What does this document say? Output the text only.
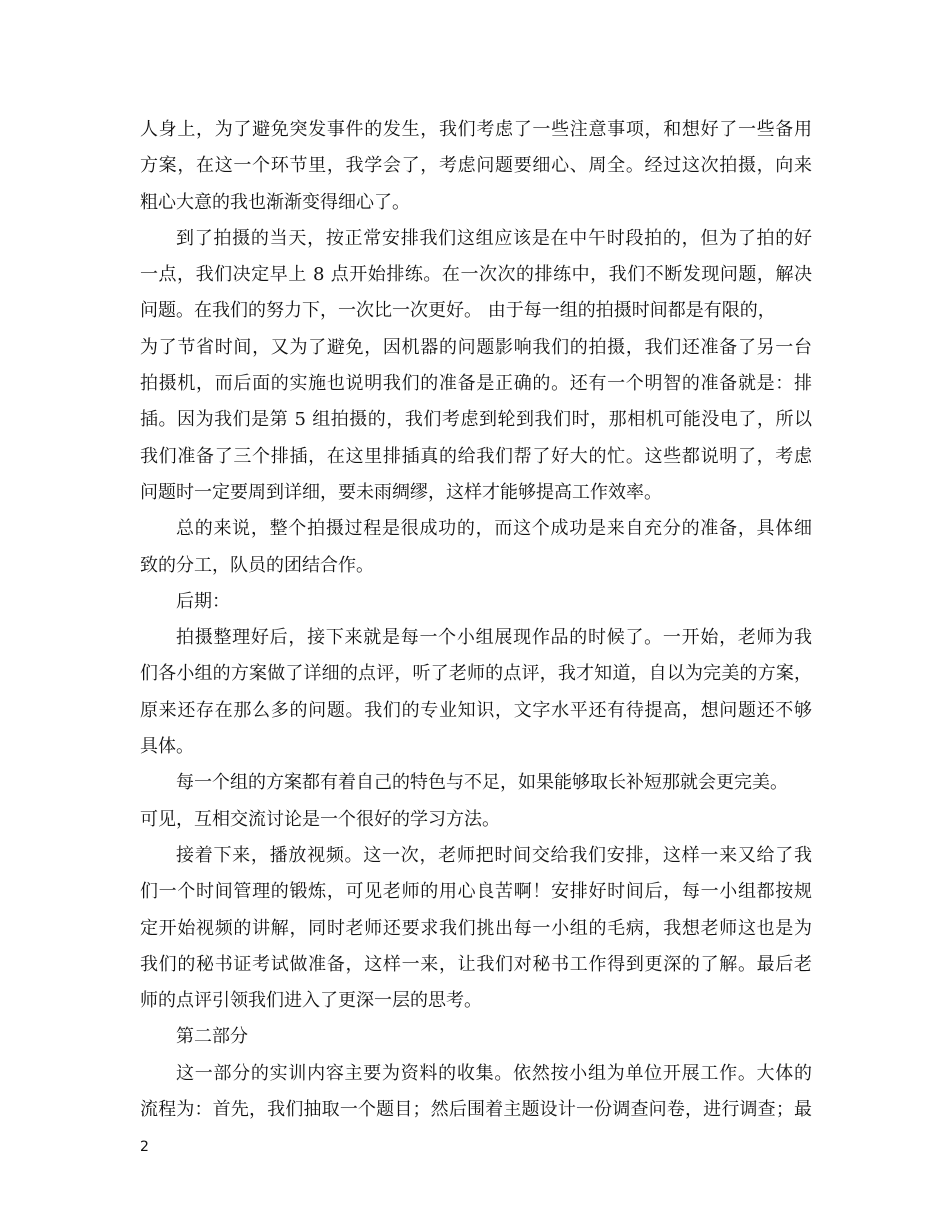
人身上，为了避免突发事件的发生，我们考虑了一些注意事项，和想好了一些备用
方案，在这一个环节里，我学会了，考虑问题要细心、周全。经过这次拍摄，向来
粗心大意的我也渐渐变得细心了。
到了拍摄的当天，按正常安排我们这组应该是在中午时段拍的，但为了拍的好
一点，我们决定早上 8 点开始排练。在一次次的排练中，我们不断发现问题，解决
问题。在我们的努力下，一次比一次更好。 由于每一组的拍摄时间都是有限的，
为了节省时间，又为了避免，因机器的问题影响我们的拍摄，我们还准备了另一台
拍摄机，而后面的实施也说明我们的准备是正确的。还有一个明智的准备就是：排
插。因为我们是第 5 组拍摄的，我们考虑到轮到我们时，那相机可能没电了，所以
我们准备了三个排插，在这里排插真的给我们帮了好大的忙。这些都说明了，考虑
问题时一定要周到详细，要未雨绸缪，这样才能够提高工作效率。
总的来说，整个拍摄过程是很成功的，而这个成功是来自充分的准备，具体细
致的分工，队员的团结合作。
后期：
拍摄整理好后，接下来就是每一个小组展现作品的时候了。一开始，老师为我
们各小组的方案做了详细的点评，听了老师的点评，我才知道，自以为完美的方案，
原来还存在那么多的问题。我们的专业知识，文字水平还有待提高，想问题还不够
具体。
每一个组的方案都有着自己的特色与不足，如果能够取长补短那就会更完美。
可见，互相交流讨论是一个很好的学习方法。
接着下来，播放视频。这一次，老师把时间交给我们安排，这样一来又给了我
们一个时间管理的锻炼，可见老师的用心良苦啊！安排好时间后，每一小组都按规
定开始视频的讲解，同时老师还要求我们挑出每一小组的毛病，我想老师这也是为
我们的秘书证考试做准备，这样一来，让我们对秘书工作得到更深的了解。最后老
师的点评引领我们进入了更深一层的思考。
第二部分
这一部分的实训内容主要为资料的收集。依然按小组为单位开展工作。大体的
流程为：首先，我们抽取一个题目；然后围着主题设计一份调查问卷，进行调查；最
2
